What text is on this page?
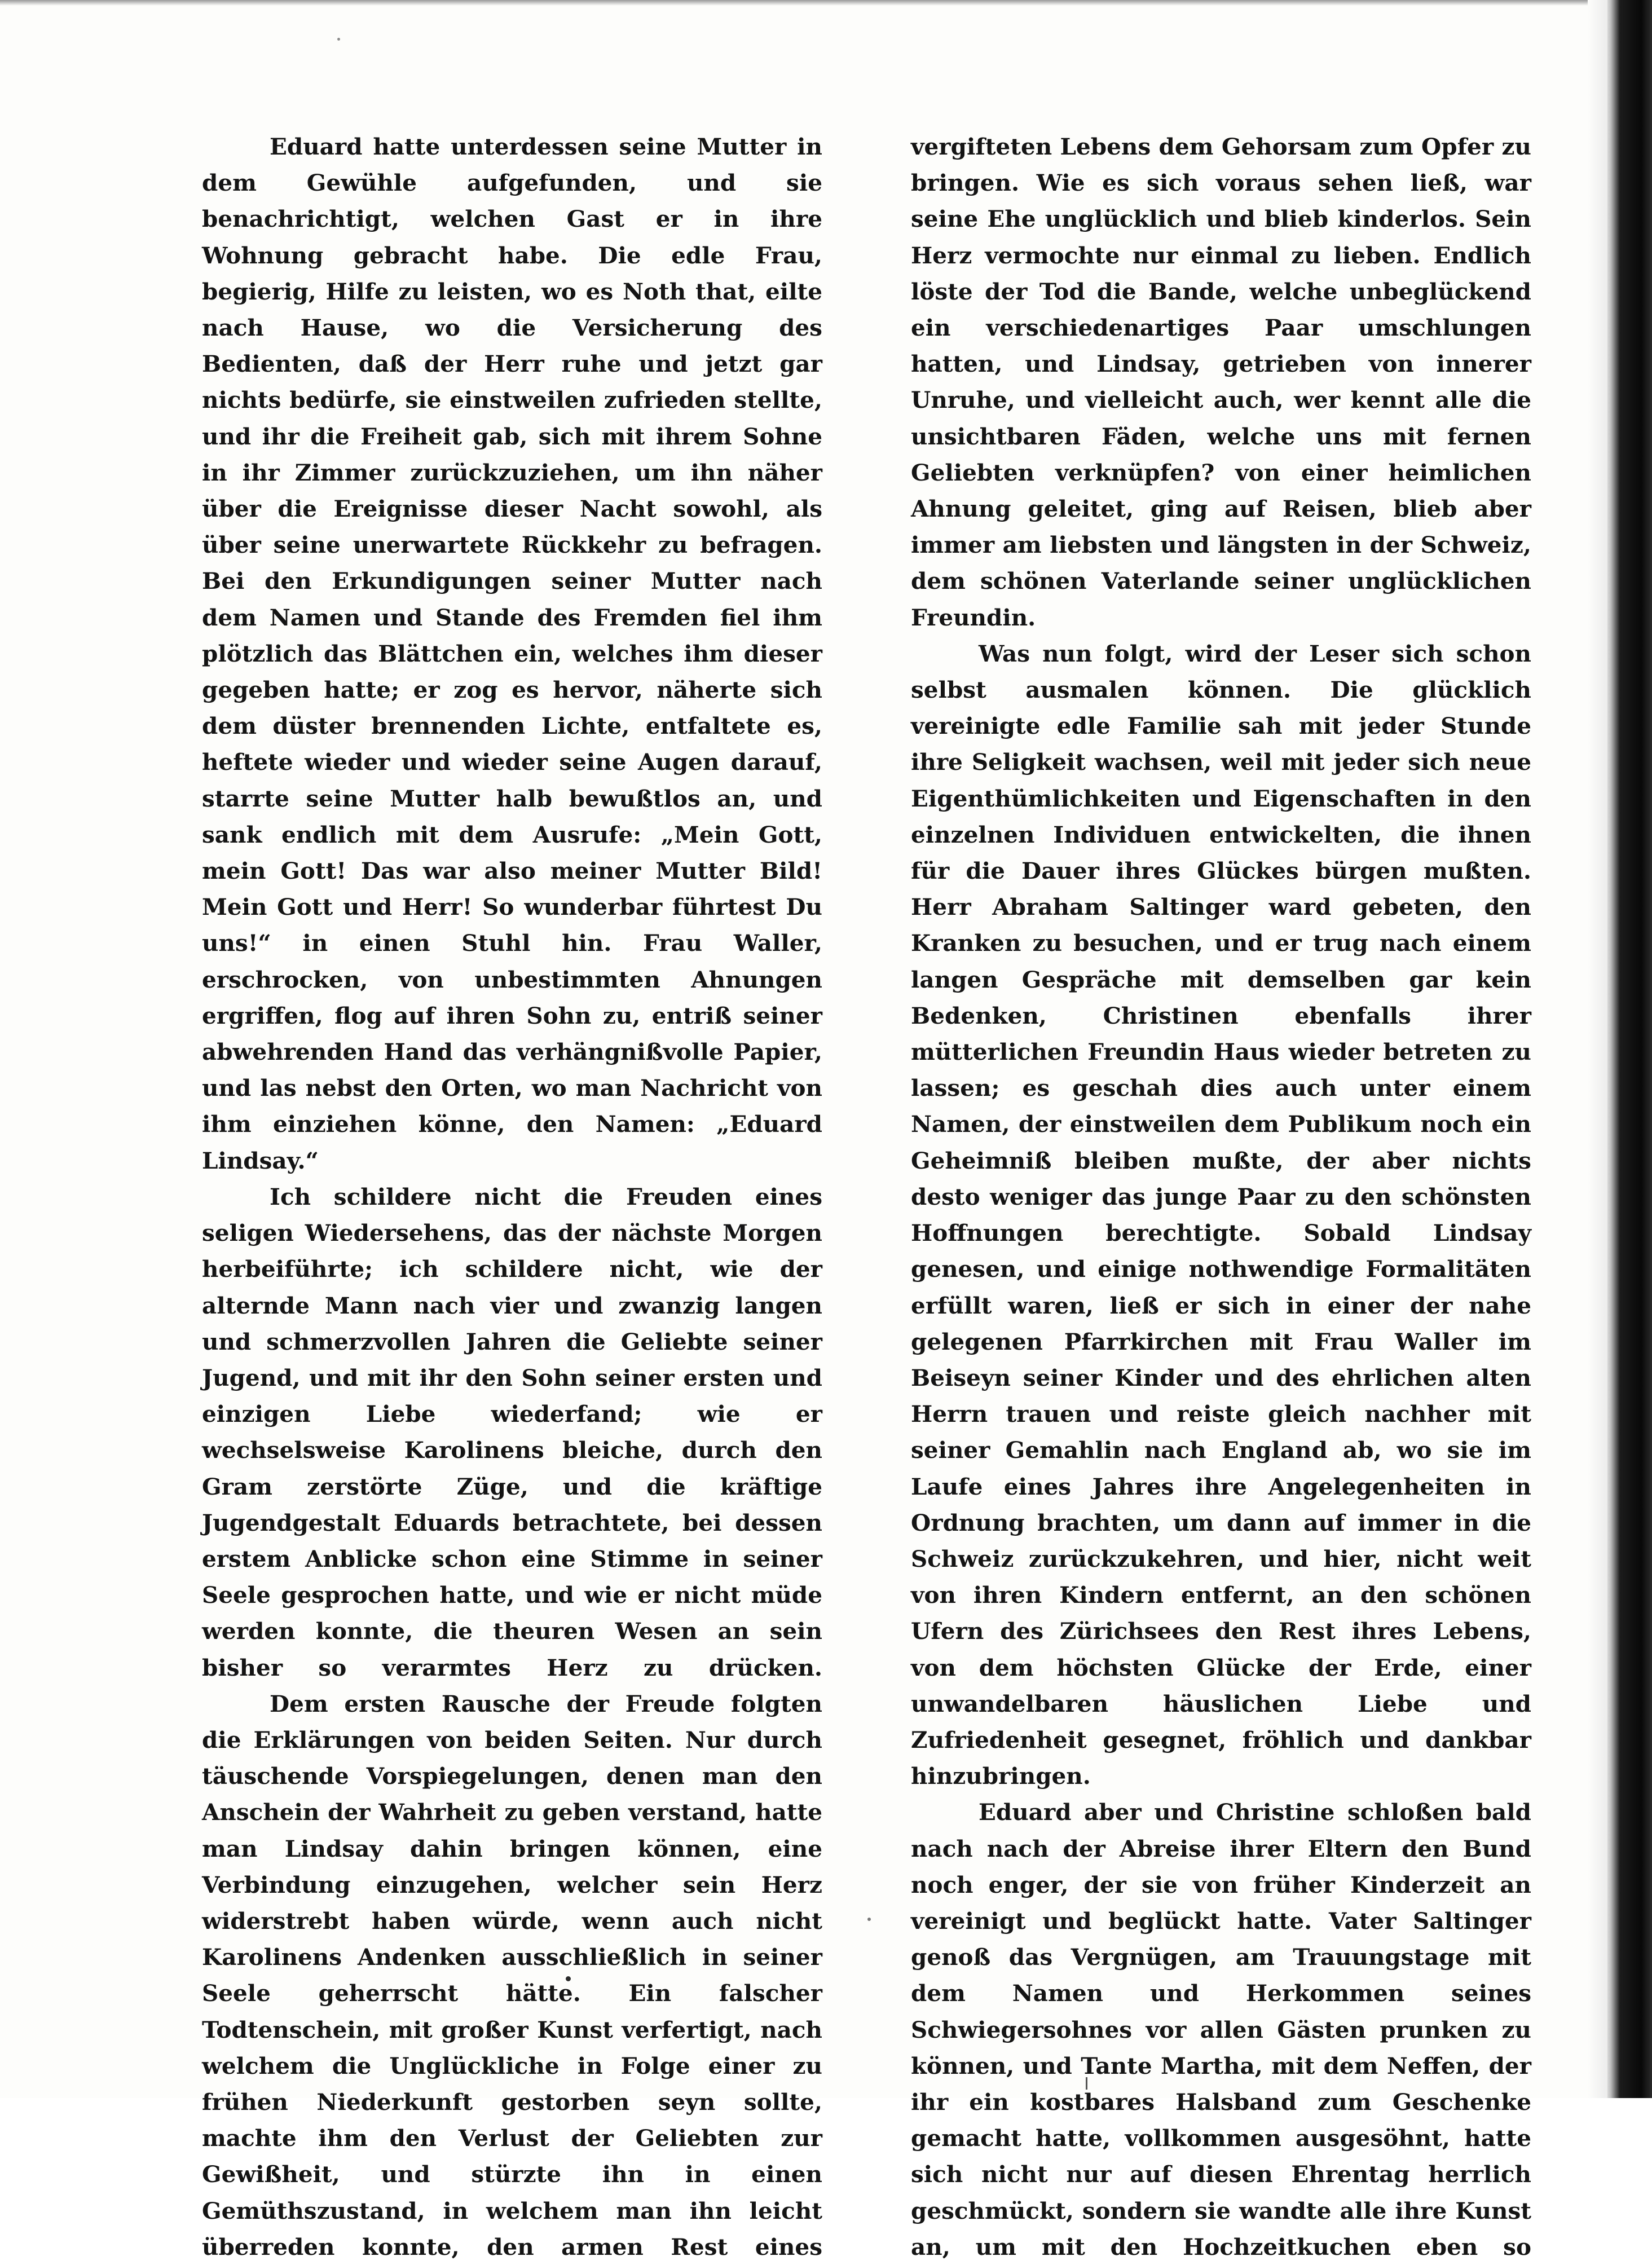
Eduard hatte unterdessen seine Mutter in dem Gewühle aufgefunden, und sie benachrichtigt, welchen Gast er in ihre Wohnung gebracht habe. Die edle Frau, begierig, Hilfe zu leisten, wo es Noth that, eilte nach Hause, wo die Versicherung des Bedienten, daß der Herr ruhe und jetzt gar nichts bedürfe, sie einstweilen zufrieden stellte, und ihr die Freiheit gab, sich mit ihrem Sohne in ihr Zimmer zurückzuziehen, um ihn näher über die Ereignisse dieser Nacht sowohl, als über seine unerwartete Rückkehr zu befragen. Bei den Erkundigungen seiner Mutter nach dem Namen und Stande des Fremden fiel ihm plötzlich das Blättchen ein, welches ihm dieser gegeben hatte; er zog es hervor, näherte sich dem düster brennenden Lichte, entfaltete es, heftete wieder und wieder seine Augen darauf, starrte seine Mutter halb bewußtlos an, und sank endlich mit dem Ausrufe: „Mein Gott, mein Gott! Das war also meiner Mutter Bild! Mein Gott und Herr! So wunderbar führtest Du uns!“ in einen Stuhl hin. Frau Waller, erschrocken, von unbestimmten Ahnungen ergriffen, flog auf ihren Sohn zu, entriß seiner abwehrenden Hand das verhängnißvolle Papier, und las nebst den Orten, wo man Nachricht von ihm einziehen könne, den Namen: „Eduard Lindsay.“

Ich schildere nicht die Freuden eines seligen Wiedersehens, das der nächste Morgen herbeiführte; ich schildere nicht, wie der alternde Mann nach vier und zwanzig langen und schmerzvollen Jahren die Geliebte seiner Jugend, und mit ihr den Sohn seiner ersten und einzigen Liebe wiederfand; wie er wechselsweise Karolinens bleiche, durch den Gram zerstörte Züge, und die kräftige Jugendgestalt Eduards betrachtete, bei dessen erstem Anblicke schon eine Stimme in seiner Seele gesprochen hatte, und wie er nicht müde werden konnte, die theuren Wesen an sein bisher so verarmtes Herz zu drücken.

Dem ersten Rausche der Freude folgten die Erklärungen von beiden Seiten. Nur durch täuschende Vorspiegelungen, denen man den Anschein der Wahrheit zu geben verstand, hatte man Lindsay dahin bringen können, eine Verbindung einzugehen, welcher sein Herz widerstrebt haben würde, wenn auch nicht Karolinens Andenken ausschließlich in seiner Seele geherrscht hätte. Ein falscher Todtenschein, mit großer Kunst verfertigt, nach welchem die Unglückliche in Folge einer zu frühen Niederkunft gestorben seyn sollte, machte ihm den Verlust der Geliebten zur Gewißheit, und stürzte ihn in einen Gemüthszustand, in welchem man ihn leicht überreden konnte, den armen Rest eines

vergifteten Lebens dem Gehorsam zum Opfer zu bringen. Wie es sich voraus sehen ließ, war seine Ehe unglücklich und blieb kinderlos. Sein Herz vermochte nur einmal zu lieben. Endlich löste der Tod die Bande, welche unbeglückend ein verschiedenartiges Paar umschlungen hatten, und Lindsay, getrieben von innerer Unruhe, und vielleicht auch, wer kennt alle die unsichtbaren Fäden, welche uns mit fernen Geliebten verknüpfen? von einer heimlichen Ahnung geleitet, ging auf Reisen, blieb aber immer am liebsten und längsten in der Schweiz, dem schönen Vaterlande seiner unglücklichen Freundin.

Was nun folgt, wird der Leser sich schon selbst ausmalen können. Die glücklich vereinigte edle Familie sah mit jeder Stunde ihre Seligkeit wachsen, weil mit jeder sich neue Eigenthümlichkeiten und Eigenschaften in den einzelnen Individuen entwickelten, die ihnen für die Dauer ihres Glückes bürgen mußten. Herr Abraham Saltinger ward gebeten, den Kranken zu besuchen, und er trug nach einem langen Gespräche mit demselben gar kein Bedenken, Christinen ebenfalls ihrer mütterlichen Freundin Haus wieder betreten zu lassen; es geschah dies auch unter einem Namen, der einstweilen dem Publikum noch ein Geheimniß bleiben mußte, der aber nichts desto weniger das junge Paar zu den schönsten Hoffnungen berechtigte. Sobald Lindsay genesen, und einige nothwendige Formalitäten erfüllt waren, ließ er sich in einer der nahe gelegenen Pfarrkirchen mit Frau Waller im Beiseyn seiner Kinder und des ehrlichen alten Herrn trauen und reiste gleich nachher mit seiner Gemahlin nach England ab, wo sie im Laufe eines Jahres ihre Angelegenheiten in Ordnung brachten, um dann auf immer in die Schweiz zurückzukehren, und hier, nicht weit von ihren Kindern entfernt, an den schönen Ufern des Zürichsees den Rest ihres Lebens, von dem höchsten Glücke der Erde, einer unwandelbaren häuslichen Liebe und Zufriedenheit gesegnet, fröhlich und dankbar hinzubringen.

Eduard aber und Christine schloßen bald nach nach der Abreise ihrer Eltern den Bund noch enger, der sie von früher Kinderzeit an vereinigt und beglückt hatte. Vater Saltinger genoß das Vergnügen, am Trauungstage mit dem Namen und Herkommen seines Schwiegersohnes vor allen Gästen prunken zu können, und Tante Martha, mit dem Neffen, der ihr ein kostbares Halsband zum Geschenke gemacht hatte, vollkommen ausgesöhnt, hatte sich nicht nur auf diesen Ehrentag herrlich geschmückt, sondern sie wandte alle ihre Kunst an, um mit den Hochzeitkuchen eben so
